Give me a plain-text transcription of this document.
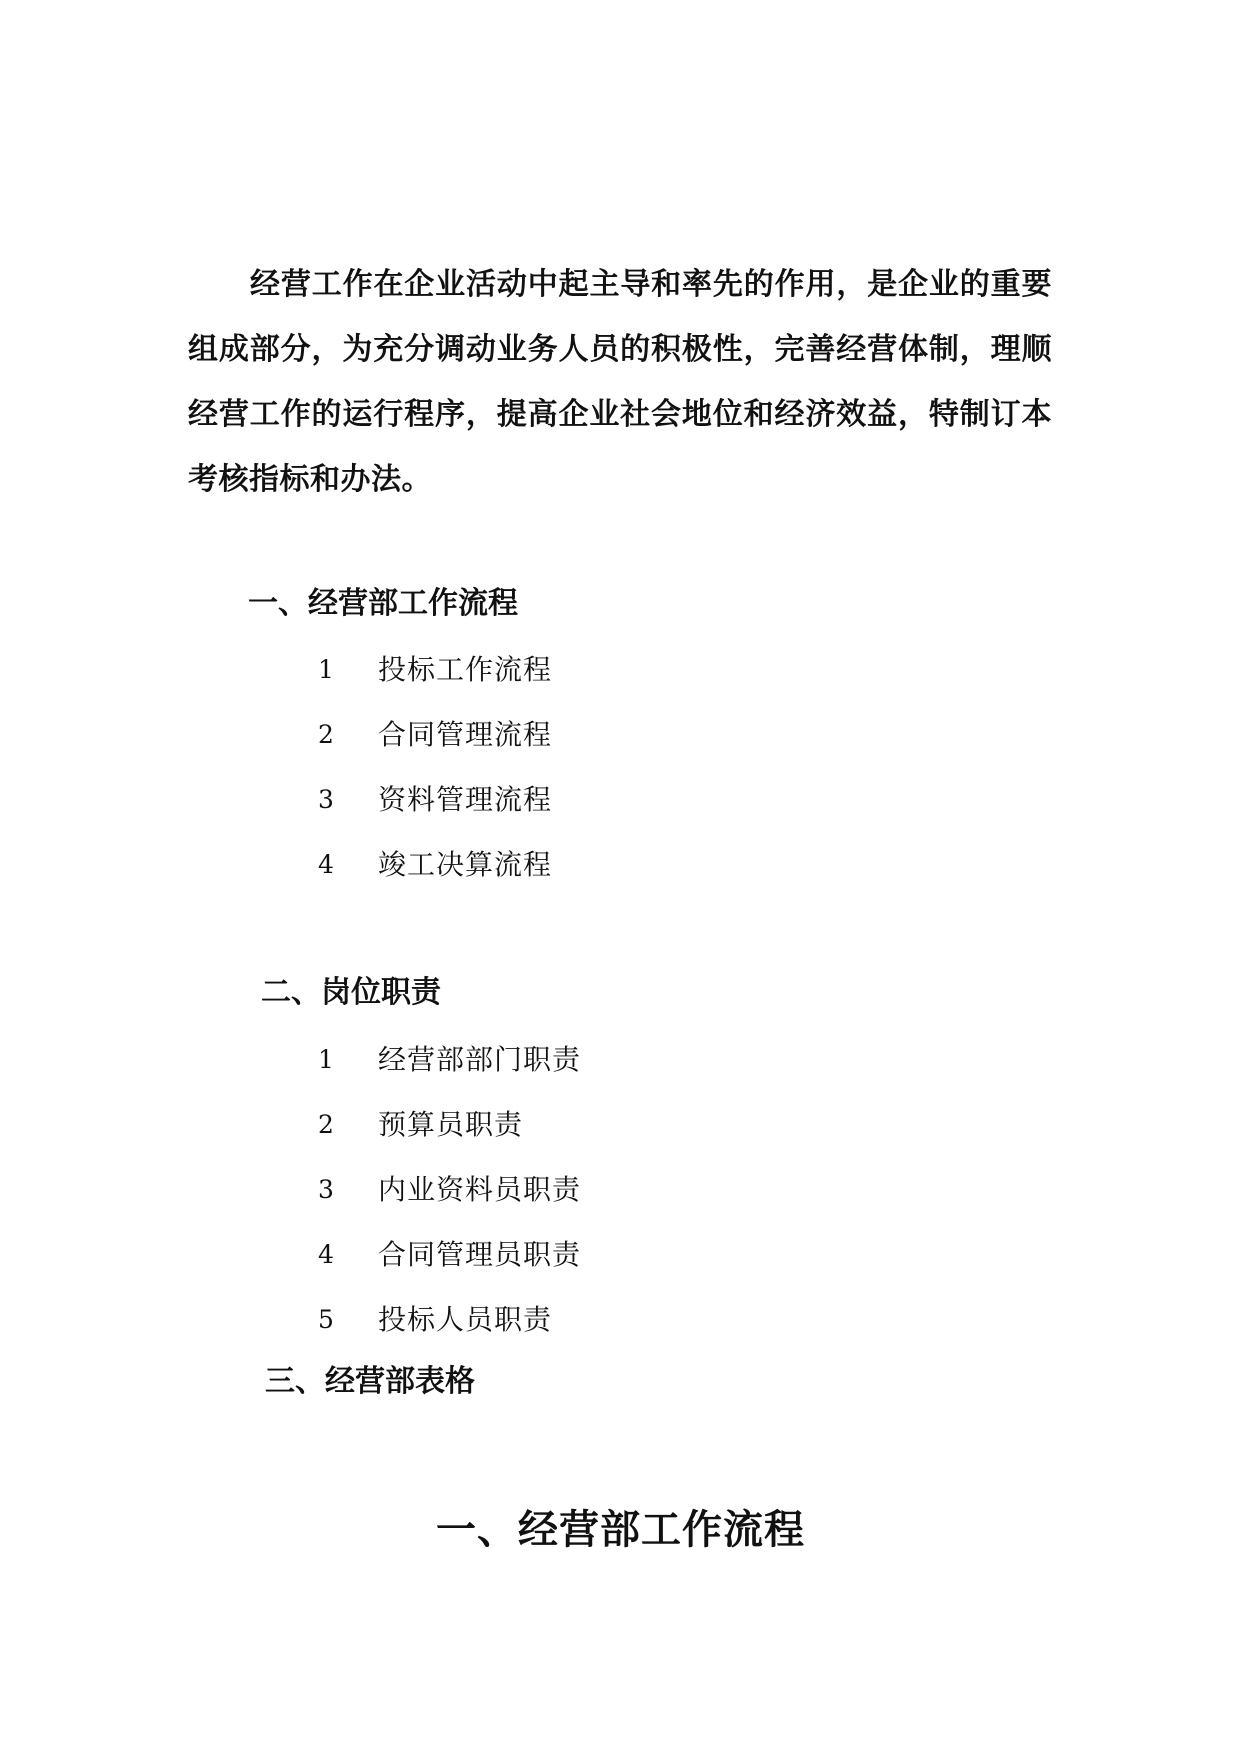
经营工作在企业活动中起主导和率先的作用，是企业的重要组成部分，为充分调动业务人员的积极性，完善经营体制，理顺经营工作的运行程序，提高企业社会地位和经济效益，特制订本考核指标和办法。

一、经营部工作流程
1	投标工作流程
2	合同管理流程
3	资料管理流程
4	竣工决算流程
二、岗位职责
1	经营部部门职责
2	预算员职责
3	内业资料员职责
4	合同管理员职责
5	投标人员职责
三、经营部表格
一、经营部工作流程
